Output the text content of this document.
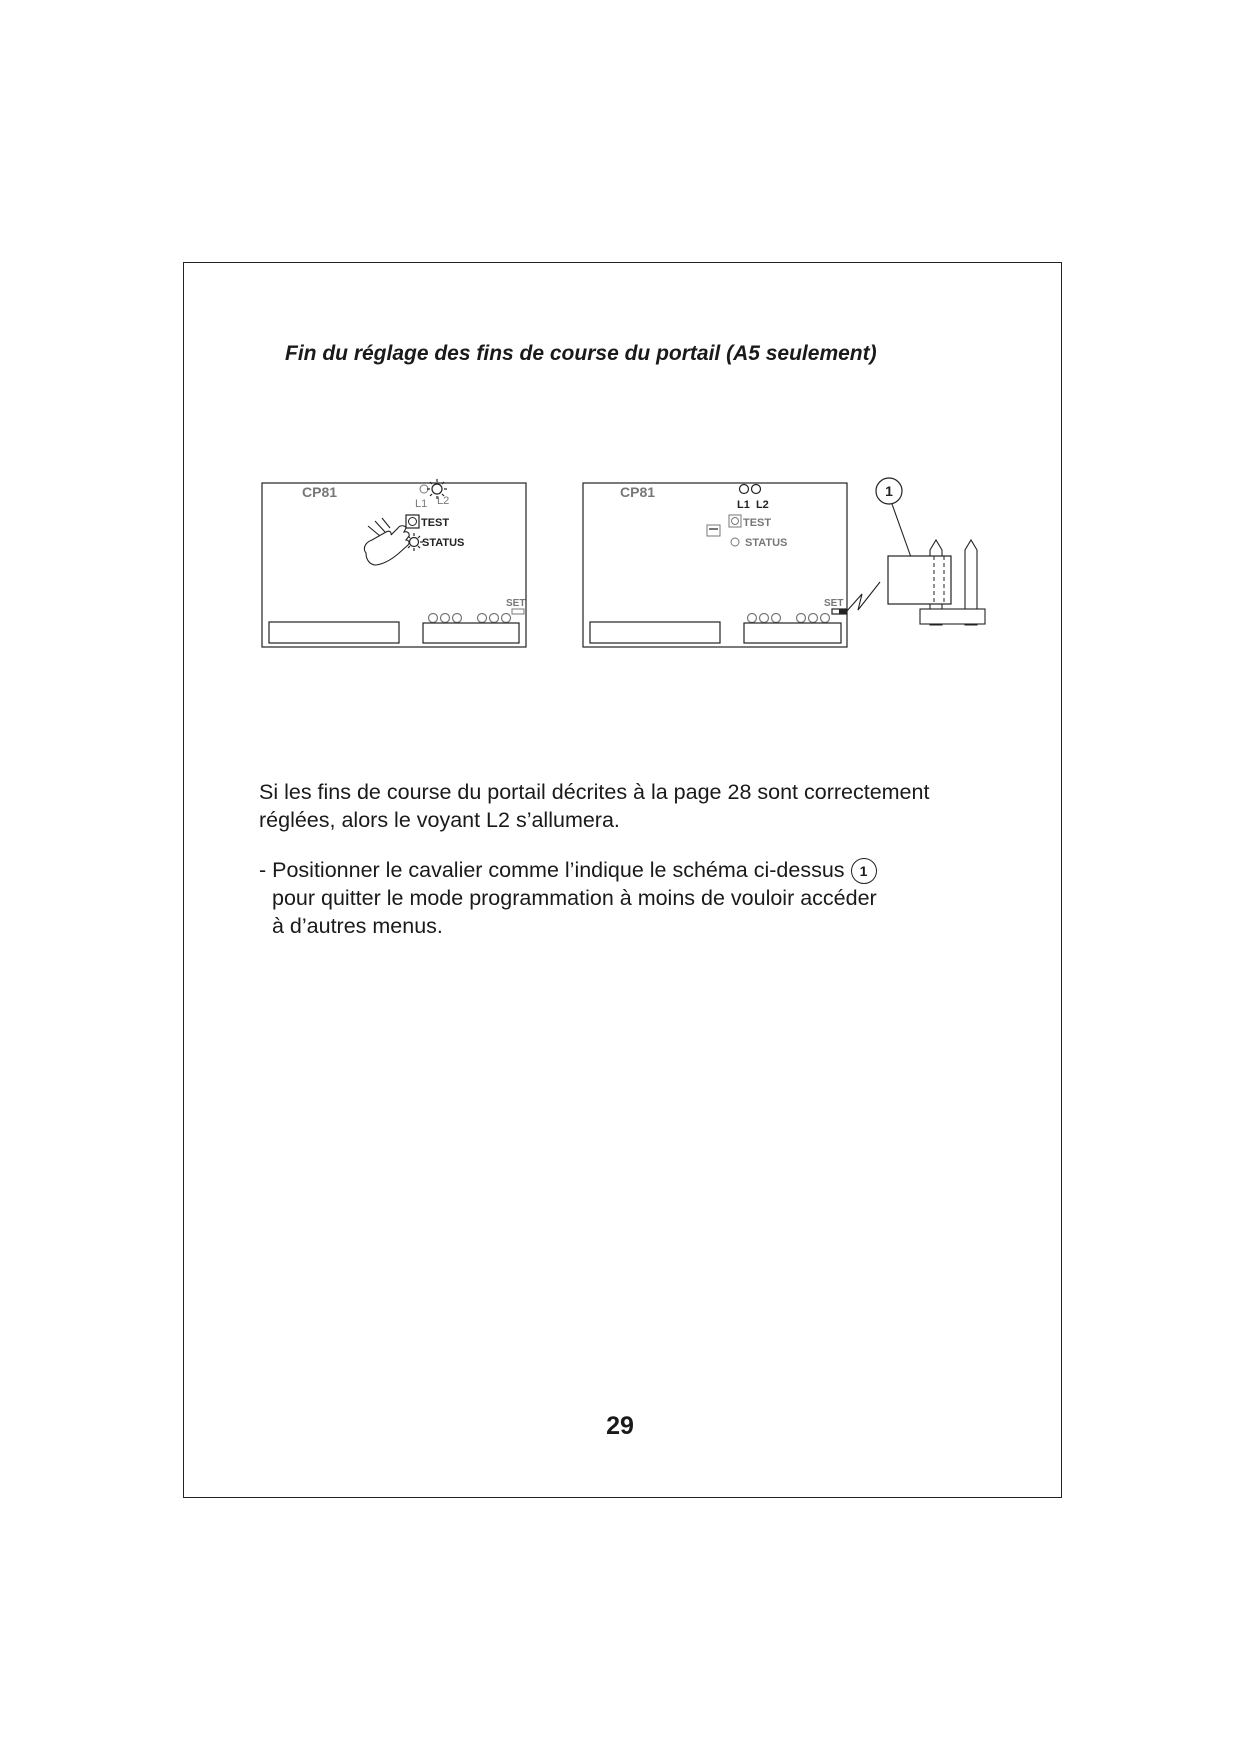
Fin du réglage des fins de course du portail (A5 seulement)
CP81
L1 L2
TEST
STATUS
SET
CP81
L1  L2
TEST
STATUS
SET
1
Si les fins de course du portail décrites à la page 28 sont correctement
réglées, alors le voyant L2 s’allumera.
- Positionner le cavalier comme l’indique le schéma ci-dessus 1
pour quitter le mode programmation à moins de vouloir accéder
à d’autres menus.
29
